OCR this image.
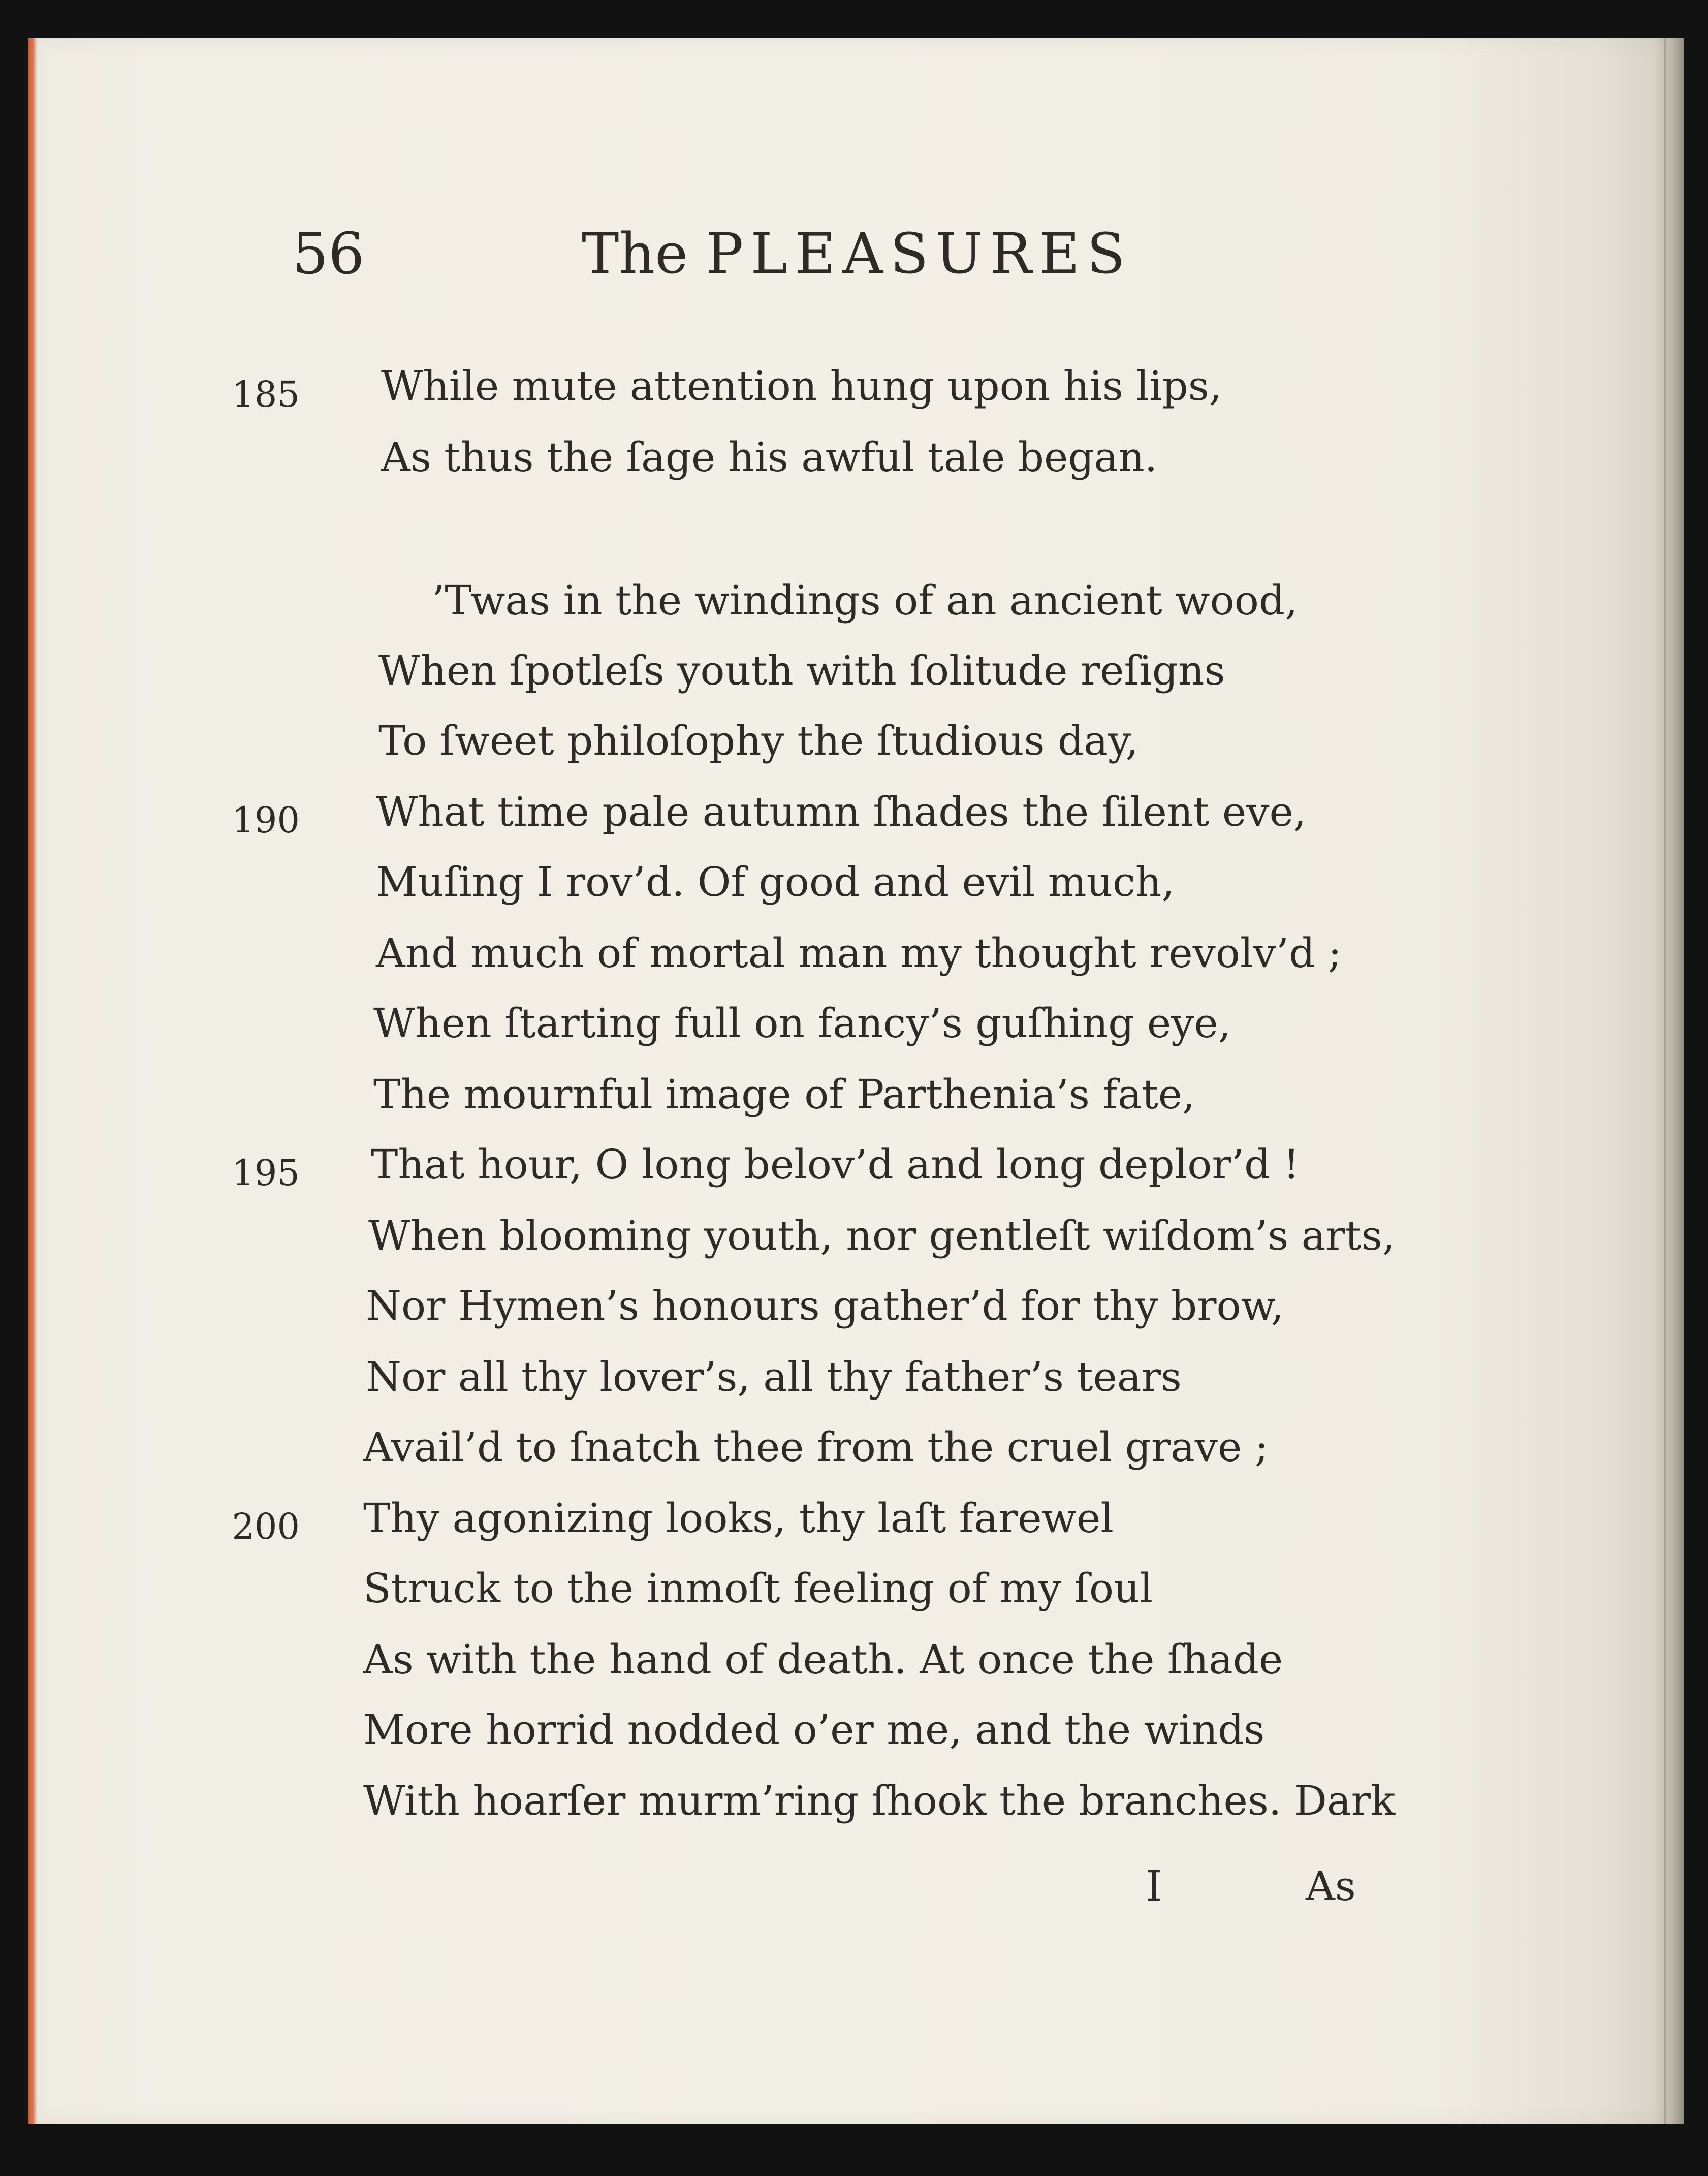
56	The PLEASURES
185 While mute attention hung upon his lips,
As thus the ſage his awful tale began.
’Twas in the windings of an ancient wood,
When ſpotleſs youth with ſolitude reſigns
To ſweet philoſophy the ſtudious day,
190 What time pale autumn ſhades the ſilent eve,
Muſing I rov’d. Of good and evil much,
And much of mortal man my thought revolv’d ;
When ſtarting full on fancy’s guſhing eye,
The mournful image of Parthenia’s fate,
195 That hour, O long belov’d and long deplor’d !
When blooming youth, nor gentleſt wiſdom’s arts,
Nor Hymen’s honours gather’d for thy brow,
Nor all thy lover’s, all thy father’s tears
Avail’d to ſnatch thee from the cruel grave ;
200 Thy agonizing looks, thy laſt farewel
Struck to the inmoſt feeling of my ſoul
As with the hand of death. At once the ſhade
More horrid nodded o’er me, and the winds
With hoarſer murm’ring ſhook the branches. Dark
I	As
